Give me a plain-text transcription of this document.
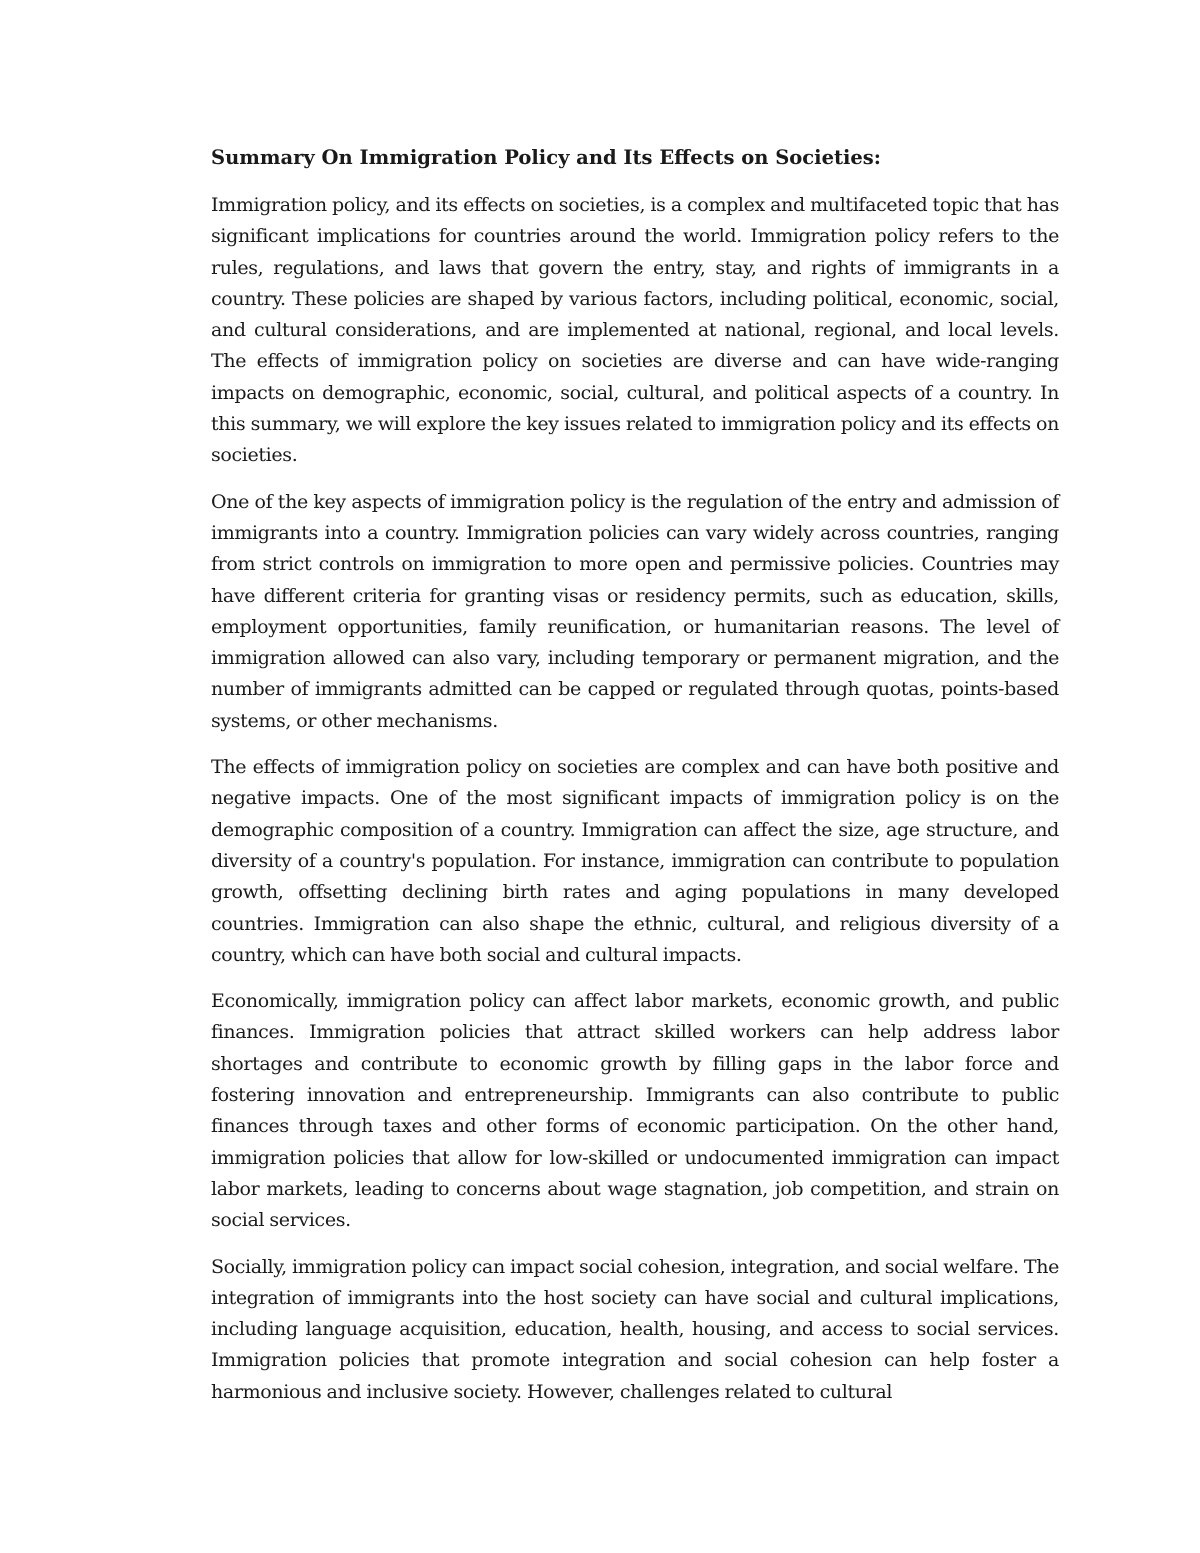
Summary On Immigration Policy and Its Effects on Societies:

Immigration policy, and its effects on societies, is a complex and multifaceted topic that has significant implications for countries around the world. Immigration policy refers to the rules, regulations, and laws that govern the entry, stay, and rights of immigrants in a country. These policies are shaped by various factors, including political, economic, social, and cultural considerations, and are implemented at national, regional, and local levels. The effects of immigration policy on societies are diverse and can have wide-ranging impacts on demographic, economic, social, cultural, and political aspects of a country. In this summary, we will explore the key issues related to immigration policy and its effects on societies.

One of the key aspects of immigration policy is the regulation of the entry and admission of immigrants into a country. Immigration policies can vary widely across countries, ranging from strict controls on immigration to more open and permissive policies. Countries may have different criteria for granting visas or residency permits, such as education, skills, employment opportunities, family reunification, or humanitarian reasons. The level of immigration allowed can also vary, including temporary or permanent migration, and the number of immigrants admitted can be capped or regulated through quotas, points-based systems, or other mechanisms.

The effects of immigration policy on societies are complex and can have both positive and negative impacts. One of the most significant impacts of immigration policy is on the demographic composition of a country. Immigration can affect the size, age structure, and diversity of a country's population. For instance, immigration can contribute to population growth, offsetting declining birth rates and aging populations in many developed countries. Immigration can also shape the ethnic, cultural, and religious diversity of a country, which can have both social and cultural impacts.

Economically, immigration policy can affect labor markets, economic growth, and public finances. Immigration policies that attract skilled workers can help address labor shortages and contribute to economic growth by filling gaps in the labor force and fostering innovation and entrepreneurship. Immigrants can also contribute to public finances through taxes and other forms of economic participation. On the other hand, immigration policies that allow for low-skilled or undocumented immigration can impact labor markets, leading to concerns about wage stagnation, job competition, and strain on social services.

Socially, immigration policy can impact social cohesion, integration, and social welfare. The integration of immigrants into the host society can have social and cultural implications, including language acquisition, education, health, housing, and access to social services. Immigration policies that promote integration and social cohesion can help foster a harmonious and inclusive society. However, challenges related to cultural
